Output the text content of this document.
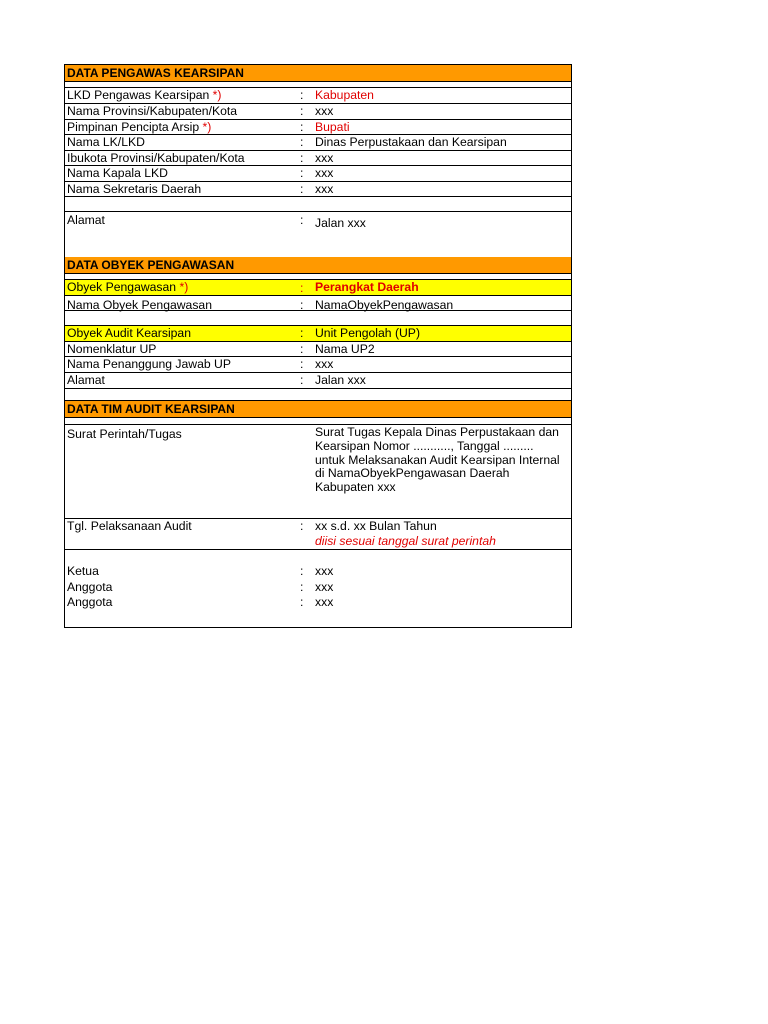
DATA PENGAWAS KEARSIPAN
LKD Pengawas Kearsipan *)	: Kabupaten
Nama Provinsi/Kabupaten/Kota	: xxx
Pimpinan Pencipta Arsip *)	: Bupati
Nama LK/LKD	: Dinas Perpustakaan dan Kearsipan
Ibukota Provinsi/Kabupaten/Kota	: xxx
Nama Kapala LKD	: xxx
Nama Sekretaris Daerah	: xxx
Alamat	: Jalan xxx
DATA OBYEK PENGAWASAN
Obyek Pengawasan *)	: Perangkat Daerah
Nama Obyek Pengawasan	: NamaObyekPengawasan
Obyek Audit Kearsipan	: Unit Pengolah (UP)
Nomenklatur UP	: Nama UP2
Nama Penanggung Jawab UP	: xxx
Alamat	: Jalan xxx
DATA TIM AUDIT KEARSIPAN
Surat Perintah/Tugas	Surat Tugas Kepala Dinas Perpustakaan dan Kearsipan Nomor ..........., Tanggal ......... untuk Melaksanakan Audit Kearsipan Internal di NamaObyekPengawasan Daerah Kabupaten xxx
Tgl. Pelaksanaan Audit	: xx s.d. xx Bulan Tahun
diisi sesuai tanggal surat perintah
Ketua	: xxx
Anggota	: xxx
Anggota	: xxx
